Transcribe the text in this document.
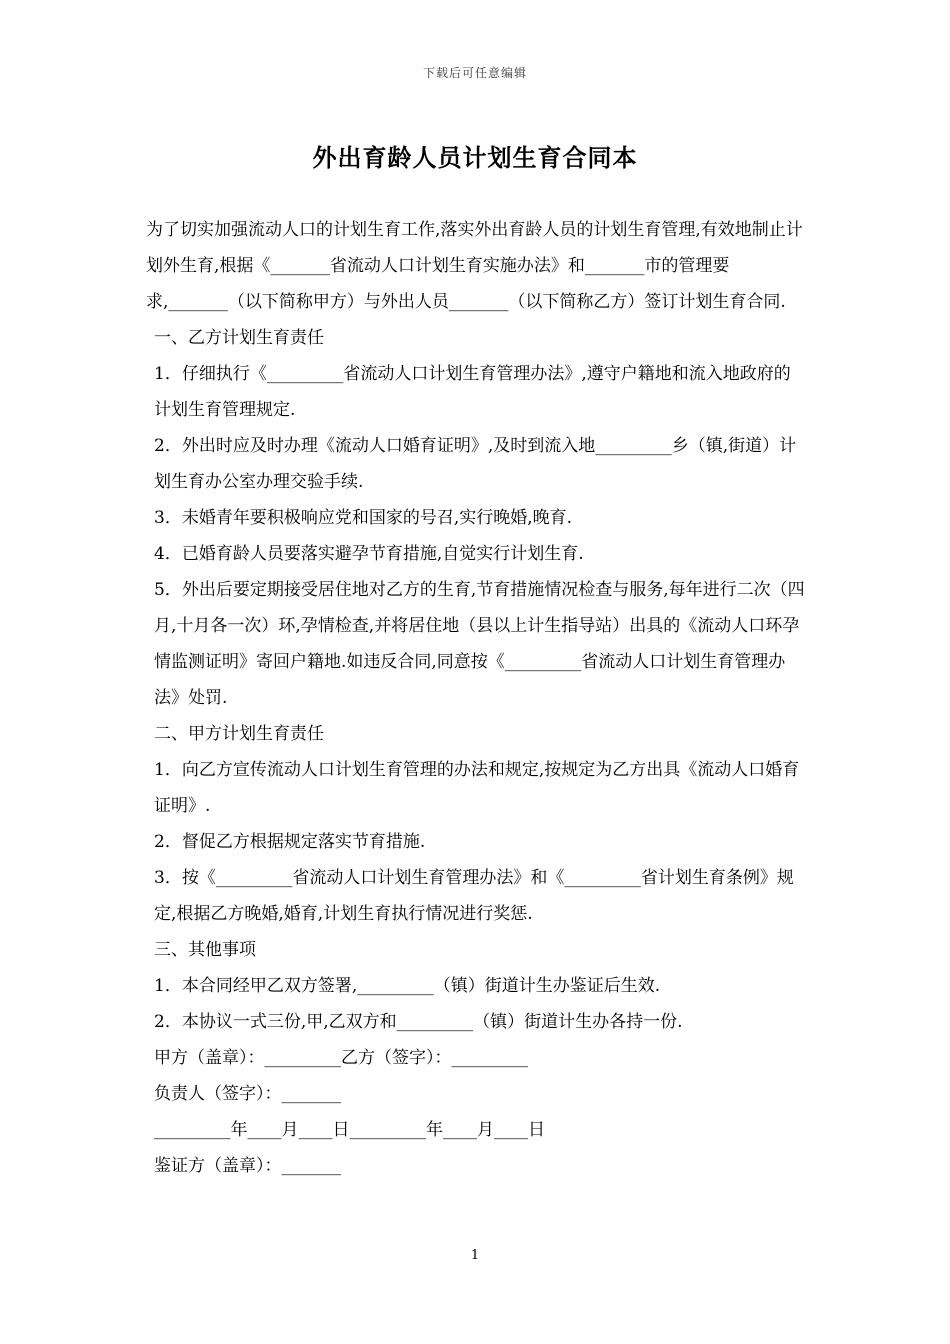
下载后可任意编辑
外出育龄人员计划生育合同本

为了切实加强流动人口的计划生育工作,落实外出育龄人员的计划生育管理,有效地制止计划外生育,根据《_______省流动人口计划生育实施办法》和_______市的管理要求,_______（以下简称甲方）与外出人员_______（以下简称乙方）签订计划生育合同.

一、乙方计划生育责任

1．仔细执行《_________省流动人口计划生育管理办法》,遵守户籍地和流入地政府的计划生育管理规定.

2．外出时应及时办理《流动人口婚育证明》,及时到流入地_________乡（镇,街道）计划生育办公室办理交验手续.

3．未婚青年要积极响应党和国家的号召,实行晚婚,晚育.

4．已婚育龄人员要落实避孕节育措施,自觉实行计划生育.

5．外出后要定期接受居住地对乙方的生育,节育措施情况检查与服务,每年进行二次（四月,十月各一次）环,孕情检查,并将居住地（县以上计生指导站）出具的《流动人口环孕情监测证明》寄回户籍地.如违反合同,同意按《_________省流动人口计划生育管理办法》处罚.

二、甲方计划生育责任

1．向乙方宣传流动人口计划生育管理的办法和规定,按规定为乙方出具《流动人口婚育证明》.

2．督促乙方根据规定落实节育措施.

3．按《_________省流动人口计划生育管理办法》和《_________省计划生育条例》规定,根据乙方晚婚,婚育,计划生育执行情况进行奖惩.

三、其他事项

1．本合同经甲乙双方签署,_________（镇）街道计生办鉴证后生效.

2．本协议一式三份,甲,乙双方和_________（镇）街道计生办各持一份.

甲方（盖章）：_________乙方（签字）：_________

负责人（签字）：_______

_________年____月____日_________年____月____日

鉴证方（盖章）：_______

1
